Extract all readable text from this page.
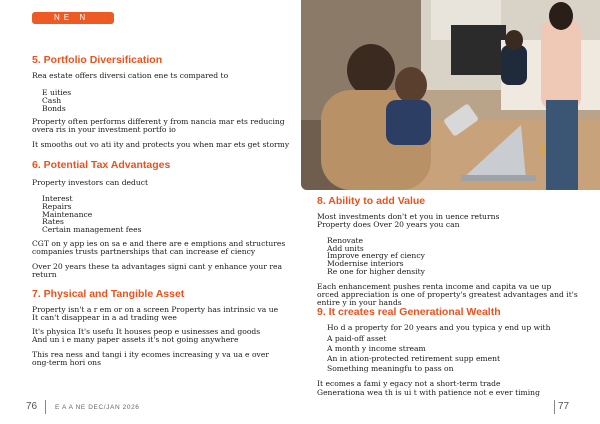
NE N
5. Portfolio Diversification
Rea estate offers diversi cation ene ts compared to
E uities
Cash
Bonds
Property often performs different y from nancia mar ets reducing
overa ris in your investment portfo io
It smooths out vo ati ity and protects you when mar ets get stormy
6. Potential Tax Advantages
Property investors can deduct
Interest
Repairs
Maintenance
Rates
Certain management fees
CGT on y app ies on sa e and there are e emptions and structures
companies trusts partnerships that can increase ef ciency
Over 20 years these ta advantages signi cant y enhance your rea
return
7. Physical and Tangible Asset
Property isn't a r em or on a screen Property has intrinsic va ue
It can't disappear in a ad trading wee
It's physica It's usefu It houses peop e usinesses and goods
And un i e many paper assets it's not going anywhere
This rea ness and tangi i ity ecomes increasing y va ua e over
ong-term hori ons
76	E A A NE DEC/JAN 2026
8. Ability to add Value
Most investments don't et you in uence returns
Property does Over 20 years you can
Renovate
Add units
Improve energy ef ciency
Modernise interiors
Re one for higher density
Each enhancement pushes renta income and capita va ue up
orced appreciation is one of property's greatest advantages and it's
entire y in your hands
9. It creates real Generational Wealth
Ho d a property for 20 years and you typica y end up with
A paid-off asset
A month y income stream
An in ation-protected retirement supp ement
Something meaningfu to pass on
It ecomes a fami y egacy not a short-term trade
Generationa wea th is ui t with patience not e ever timing
77
